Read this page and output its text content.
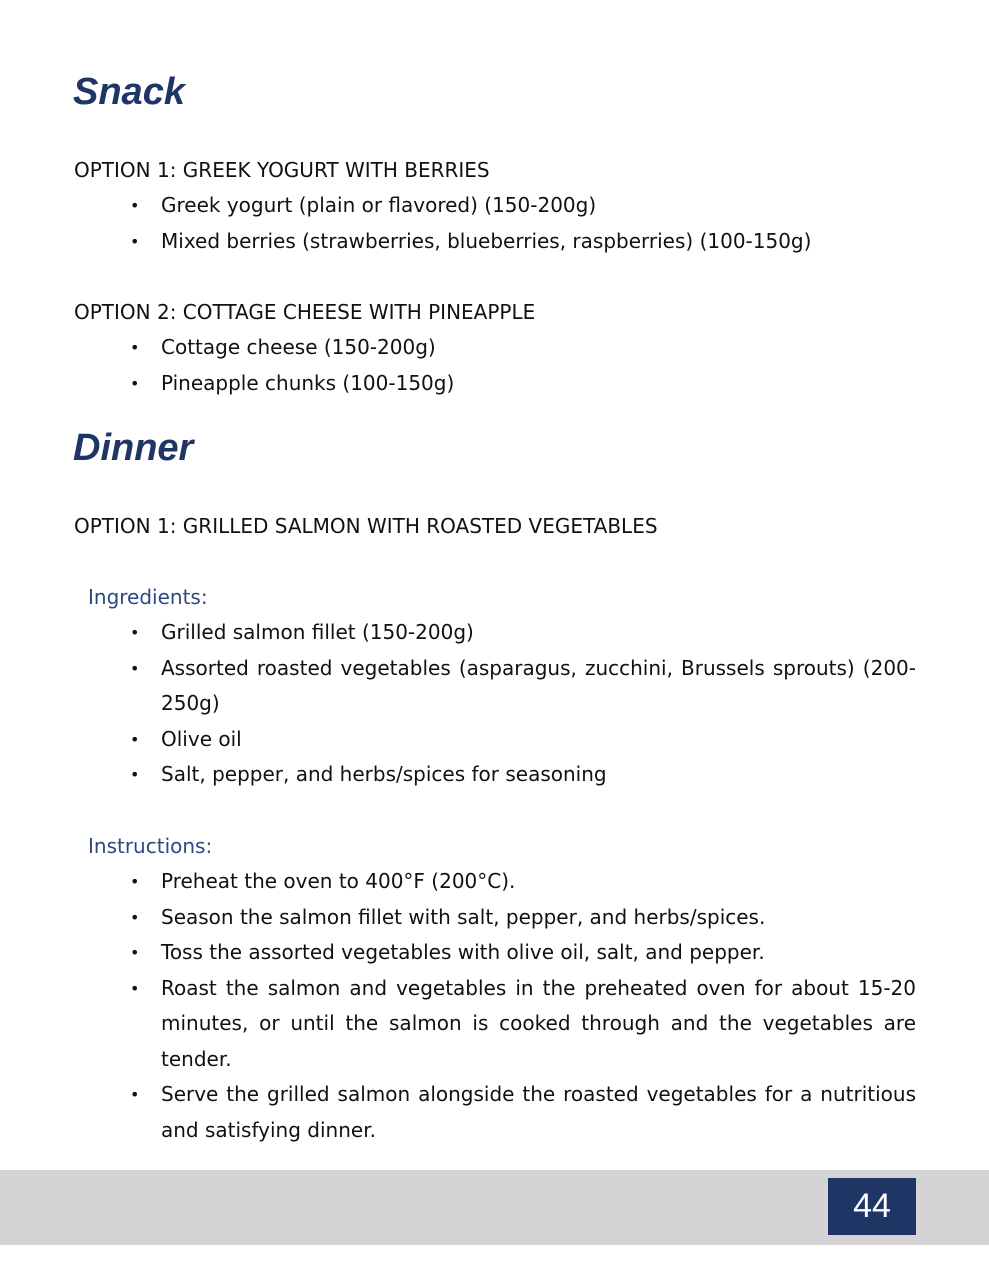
Snack
OPTION 1: GREEK YOGURT WITH BERRIES
• Greek yogurt (plain or flavored) (150-200g)
• Mixed berries (strawberries, blueberries, raspberries) (100-150g)
OPTION 2: COTTAGE CHEESE WITH PINEAPPLE
• Cottage cheese (150-200g)
• Pineapple chunks (100-150g)
Dinner
OPTION 1: GRILLED SALMON WITH ROASTED VEGETABLES
Ingredients:
• Grilled salmon fillet (150-200g)
• Assorted roasted vegetables (asparagus, zucchini, Brussels sprouts) (200-250g)
• Olive oil
• Salt, pepper, and herbs/spices for seasoning
Instructions:
• Preheat the oven to 400°F (200°C).
• Season the salmon fillet with salt, pepper, and herbs/spices.
• Toss the assorted vegetables with olive oil, salt, and pepper.
• Roast the salmon and vegetables in the preheated oven for about 15-20 minutes, or until the salmon is cooked through and the vegetables are tender.
• Serve the grilled salmon alongside the roasted vegetables for a nutritious and satisfying dinner.
44
